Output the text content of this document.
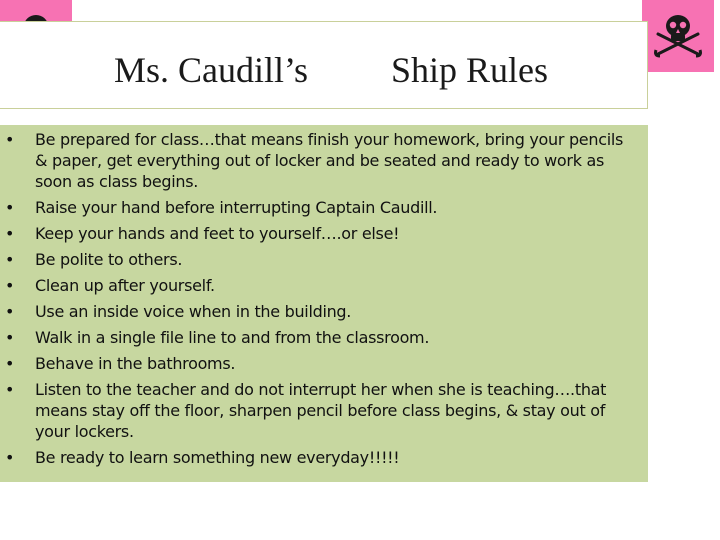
Ms. Caudill’s Ship Rules
• Be prepared for class…that means finish your homework, bring your pencils & paper, get everything out of locker and be seated and ready to work as soon as class begins.
• Raise your hand before interrupting Captain Caudill.
• Keep your hands and feet to yourself….or else!
• Be polite to others.
• Clean up after yourself.
• Use an inside voice when in the building.
• Walk in a single file line to and from the classroom.
• Behave in the bathrooms.
• Listen to the teacher and do not interrupt her when she is teaching….that means stay off the floor, sharpen pencil before class begins, & stay out of your lockers.
• Be ready to learn something new everyday!!!!!
